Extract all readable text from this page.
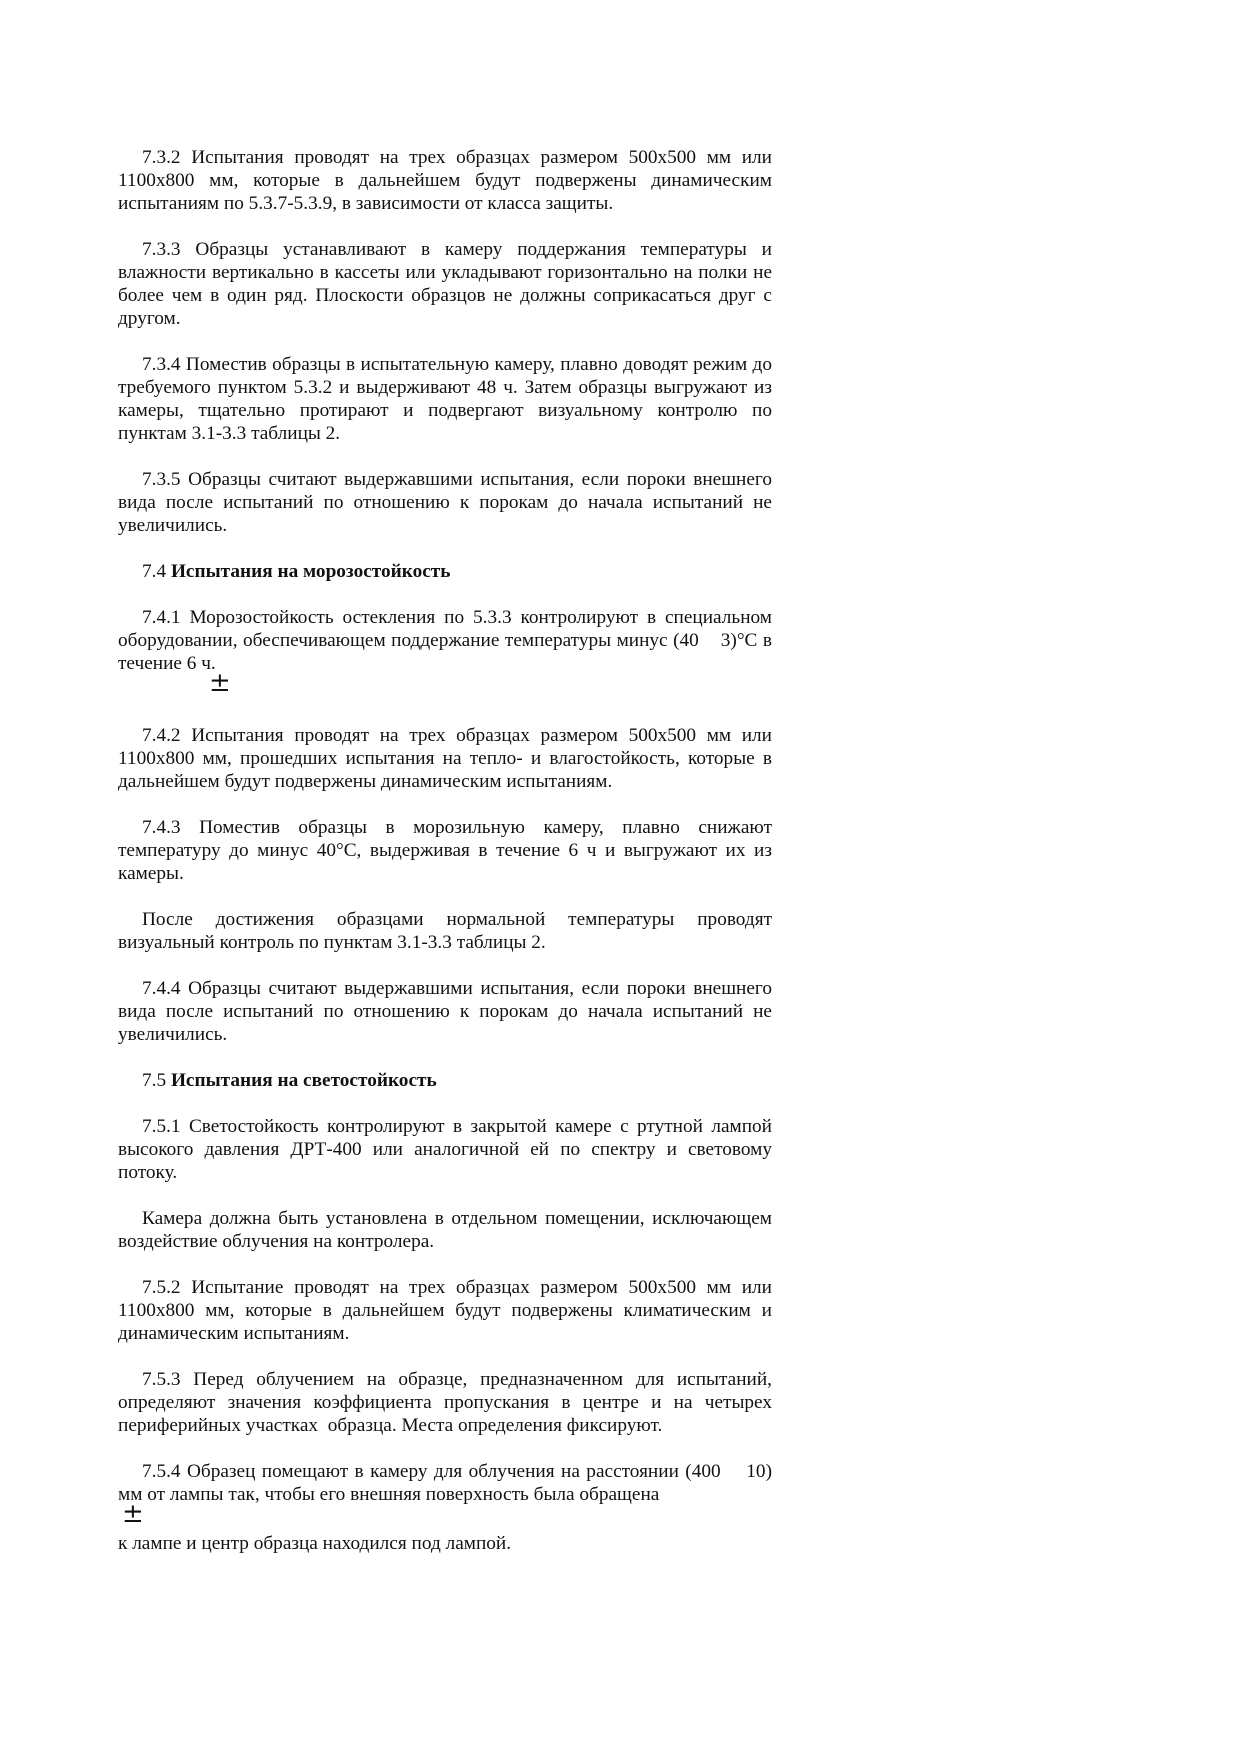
7.3.2 Испытания проводят на трех образцах размером 500х500 мм или 1100х800 мм, которые в дальнейшем будут подвержены динамическим испытаниям по 5.3.7-5.3.9, в зависимости от класса защиты.

7.3.3 Образцы устанавливают в камеру поддержания температуры и влажности вертикально в кассеты или укладывают горизонтально на полки не более чем в один ряд. Плоскости образцов не должны соприкасаться друг с другом.

7.3.4 Поместив образцы в испытательную камеру, плавно доводят режим до требуемого пунктом 5.3.2 и выдерживают 48 ч. Затем образцы выгружают из камеры, тщательно протирают и подвергают визуальному контролю по пунктам 3.1-3.3 таблицы 2.

7.3.5 Образцы считают выдержавшими испытания, если пороки внешнего вида после испытаний по отношению к порокам до начала испытаний не увеличились.

7.4 Испытания на морозостойкость

7.4.1 Морозостойкость остекления по 5.3.3 контролируют в специальном оборудовании, обеспечивающем поддержание температуры минус (40    3)°С в течение 6 ч.

±

7.4.2 Испытания проводят на трех образцах размером 500х500 мм или 1100х800 мм, прошедших испытания на тепло- и влагостойкость, которые в дальнейшем будут подвержены динамическим испытаниям.

7.4.3 Поместив образцы в морозильную камеру, плавно снижают температуру до минус 40°С, выдерживая в течение 6 ч и выгружают их из камеры.

После достижения образцами нормальной температуры проводят визуальный контроль по пунктам 3.1-3.3 таблицы 2.

7.4.4 Образцы считают выдержавшими испытания, если пороки внешнего вида после испытаний по отношению к порокам до начала испытаний не увеличились.

7.5 Испытания на светостойкость

7.5.1 Светостойкость контролируют в закрытой камере с ртутной лампой высокого давления ДРТ-400 или аналогичной ей по спектру и световому потоку.

Камера должна быть установлена в отдельном помещении, исключающем воздействие облучения на контролера.

7.5.2 Испытание проводят на трех образцах размером 500х500 мм или 1100х800 мм, которые в дальнейшем будут подвержены климатическим и динамическим испытаниям.

7.5.3 Перед облучением на образце, предназначенном для испытаний, определяют значения коэффициента пропускания в центре и на четырех периферийных участках  образца. Места определения фиксируют.

7.5.4 Образец помещают в камеру для облучения на расстоянии (400    10) мм от лампы так, чтобы его внешняя поверхность была обращена

±

к лампе и центр образца находился под лампой.
